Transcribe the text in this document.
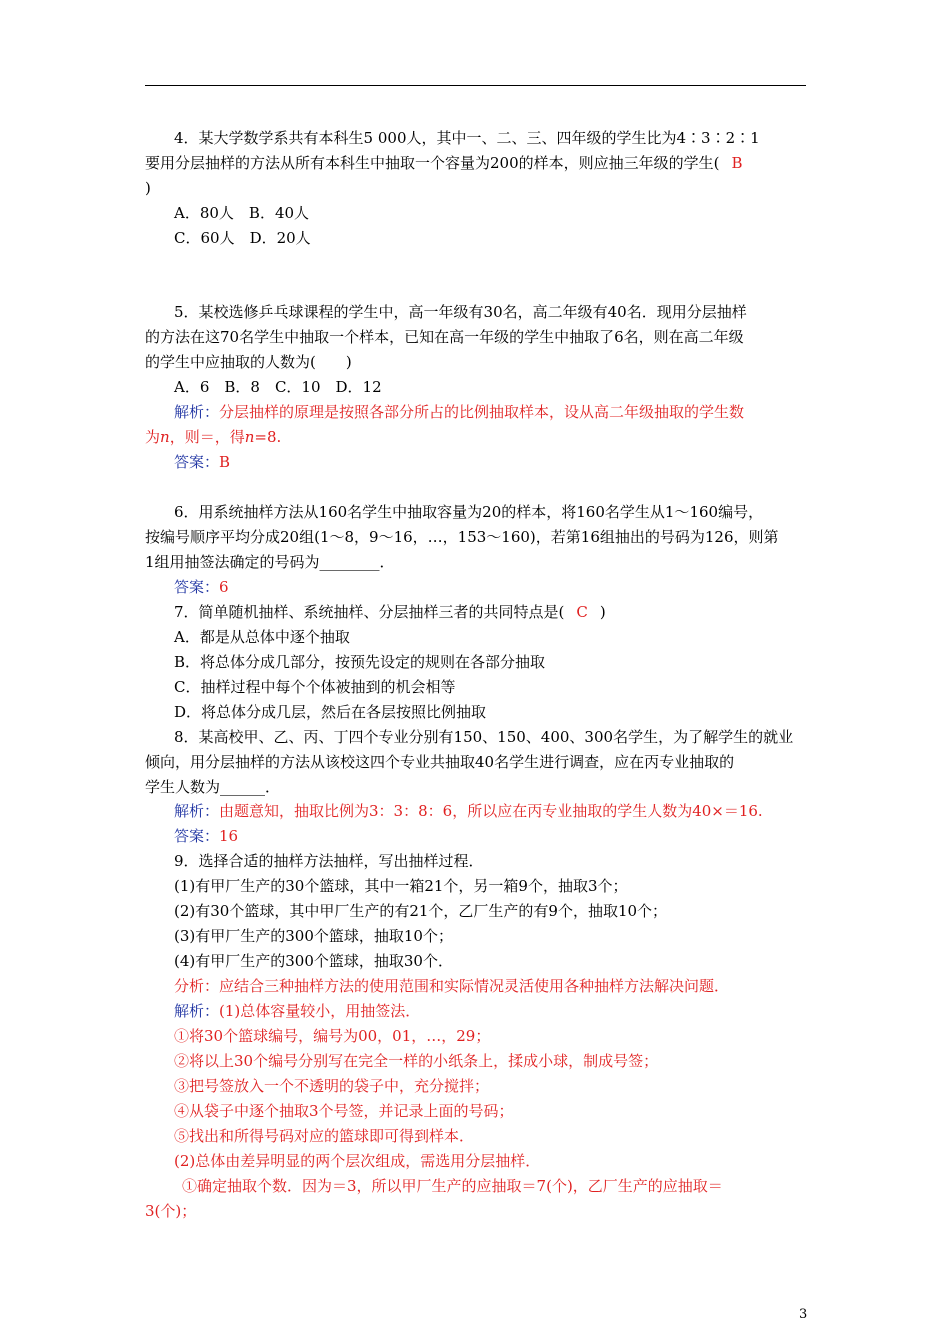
4．某大学数学系共有本科生5 000人，其中一、二、三、四年级的学生比为4∶3∶2∶1
要用分层抽样的方法从所有本科生中抽取一个容量为200的样本，则应抽三年级的学生( B
)
A．80人　B．40人
C．60人　D．20人
5．某校选修乒乓球课程的学生中，高一年级有30名，高二年级有40名．现用分层抽样
的方法在这70名学生中抽取一个样本，已知在高一年级的学生中抽取了6名，则在高二年级
的学生中应抽取的人数为(　　)
A．6　B．8　C．10　D．12
解析：分层抽样的原理是按照各部分所占的比例抽取样本，设从高二年级抽取的学生数
为n，则＝，得n=8.
答案：B
6．用系统抽样方法从160名学生中抽取容量为20的样本，将160名学生从1～160编号，
按编号顺序平均分成20组(1～8，9～16，…，153～160)，若第16组抽出的号码为126，则第
1组用抽签法确定的号码为________．
答案：6
7．简单随机抽样、系统抽样、分层抽样三者的共同特点是( C )
A．都是从总体中逐个抽取
B．将总体分成几部分，按预先设定的规则在各部分抽取
C．抽样过程中每个个体被抽到的机会相等
D．将总体分成几层，然后在各层按照比例抽取
8．某高校甲、乙、丙、丁四个专业分别有150、150、400、300名学生，为了解学生的就业
倾向，用分层抽样的方法从该校这四个专业共抽取40名学生进行调查，应在丙专业抽取的
学生人数为______．
解析：由题意知，抽取比例为3：3：8：6，所以应在丙专业抽取的学生人数为40×＝16.
答案：16
9．选择合适的抽样方法抽样，写出抽样过程．
(1)有甲厂生产的30个篮球，其中一箱21个，另一箱9个，抽取3个；
(2)有30个篮球，其中甲厂生产的有21个，乙厂生产的有9个，抽取10个；
(3)有甲厂生产的300个篮球，抽取10个；
(4)有甲厂生产的300个篮球，抽取30个．
分析：应结合三种抽样方法的使用范围和实际情况灵活使用各种抽样方法解决问题．
解析：(1)总体容量较小，用抽签法．
①将30个篮球编号，编号为00，01，…，29；
②将以上30个编号分别写在完全一样的小纸条上，揉成小球，制成号签；
③把号签放入一个不透明的袋子中，充分搅拌；
④从袋子中逐个抽取3个号签，并记录上面的号码；
⑤找出和所得号码对应的篮球即可得到样本．
(2)总体由差异明显的两个层次组成，需选用分层抽样．
①确定抽取个数．因为＝3，所以甲厂生产的应抽取＝7(个)，乙厂生产的应抽取＝
3(个)；
3
